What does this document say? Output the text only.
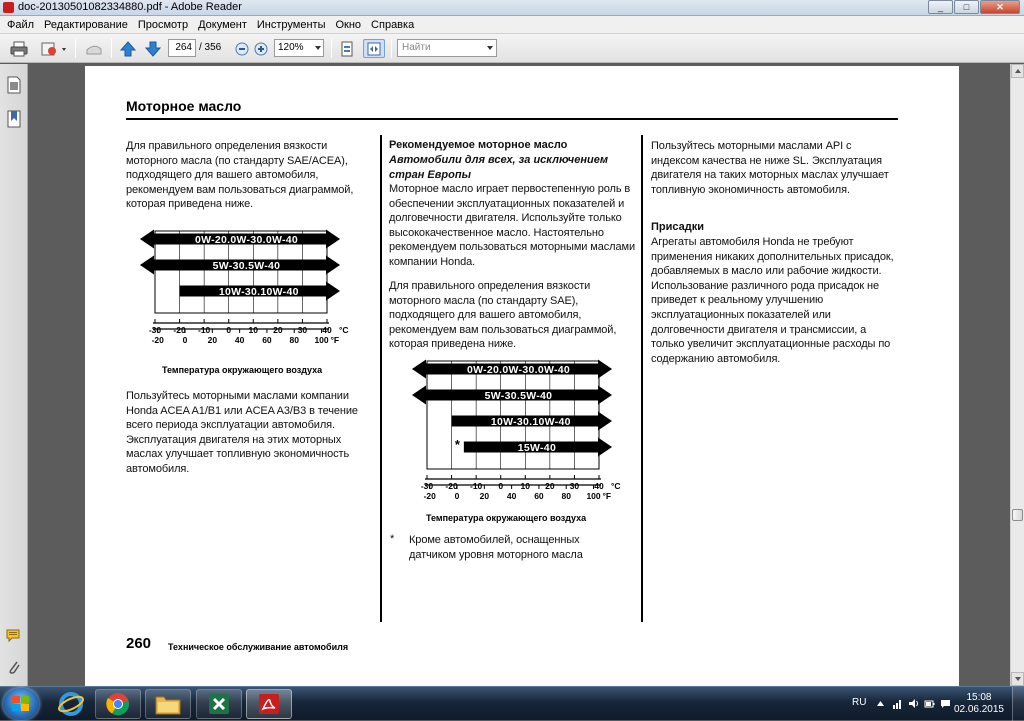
doc-20130501082334880.pdf - Adobe Reader	_	□	✕
Файл Редактирование Просмотр Документ Инструменты Окно Справка
264 / 356	120%	Найти
Моторное масло
Для правильного определения вязкости моторного масла (по стандарту SAE/ACEA), подходящего для вашего автомобиля, рекомендуем вам пользоваться диаграммой, которая приведена ниже.
0W-20.0W-30.0W-40
5W-30.5W-40
10W-30.10W-40
-30 -20 -10 0 10 20 30 40 °C
-20 0 20 40 60 80 100 °F
Температура окружающего воздуха
Пользуйтесь моторными маслами компании Honda ACEA A1/B1 или ACEA A3/B3 в течение всего периода эксплуатации автомобиля. Эксплуатация двигателя на этих моторных маслах улучшает топливную экономичность автомобиля.
Рекомендуемое моторное масло
Автомобили для всех, за исключением стран Европы
Моторное масло играет первостепенную роль в обеспечении эксплуатационных показателей и долговечности двигателя. Используйте только высококачественное масло. Настоятельно рекомендуем пользоваться моторными маслами компании Honda.
Для правильного определения вязкости моторного масла (по стандарту SAE), подходящего для вашего автомобиля, рекомендуем вам пользоваться диаграммой, которая приведена ниже.
0W-20.0W-30.0W-40
5W-30.5W-40
10W-30.10W-40
15W-40
*
-30 -20 -10 0 10 20 30 40 °C
-20 0 20 40 60 80 100 °F
Температура окружающего воздуха
* Кроме автомобилей, оснащенных датчиком уровня моторного масла
Пользуйтесь моторными маслами API с индексом качества не ниже SL. Эксплуатация двигателя на таких моторных маслах улучшает топливную экономичность автомобиля.
Присадки
Агрегаты автомобиля Honda не требуют применения никаких дополнительных присадок, добавляемых в масло или рабочие жидкости. Использование различного рода присадок не приведет к реальному улучшению эксплуатационных показателей или долговечности двигателя и трансмиссии, а только увеличит эксплуатационные расходы по содержанию автомобиля.
260 Техническое обслуживание автомобиля
RU	15:08
02.06.2015
